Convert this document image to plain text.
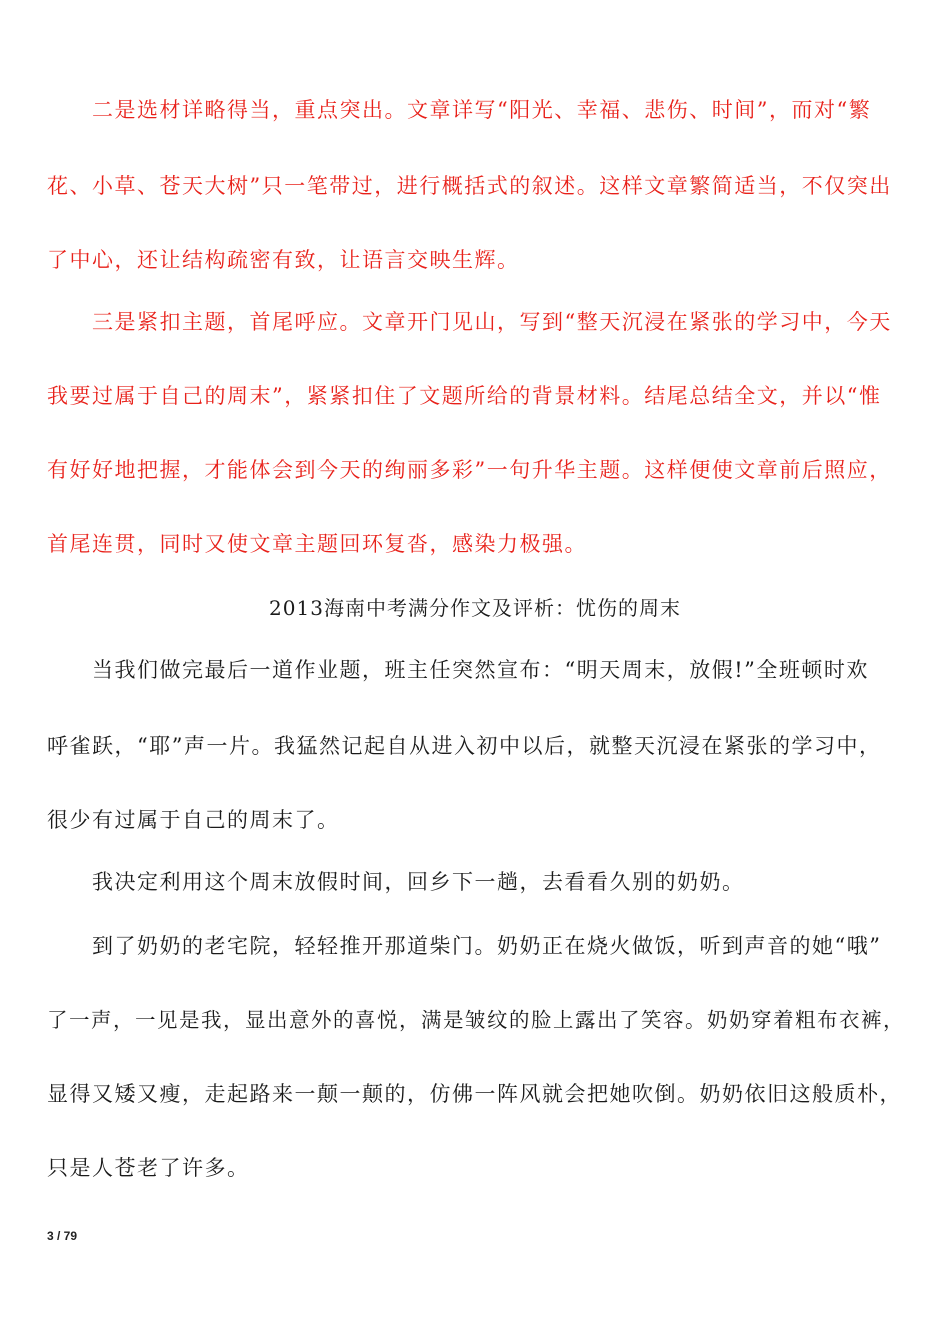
二是选材详略得当，重点突出。文章详写“阳光、幸福、悲伤、时间”，而对“繁
花、小草、苍天大树”只一笔带过，进行概括式的叙述。这样文章繁简适当，不仅突出
了中心，还让结构疏密有致，让语言交映生辉。
三是紧扣主题，首尾呼应。文章开门见山，写到“整天沉浸在紧张的学习中，今天
我要过属于自己的周末”，紧紧扣住了文题所给的背景材料。结尾总结全文，并以“惟
有好好地把握，才能体会到今天的绚丽多彩”一句升华主题。这样便使文章前后照应，
首尾连贯，同时又使文章主题回环复沓，感染力极强。
2013海南中考满分作文及评析：忧伤的周末
当我们做完最后一道作业题，班主任突然宣布：“明天周末，放假!”全班顿时欢
呼雀跃，“耶”声一片。我猛然记起自从进入初中以后，就整天沉浸在紧张的学习中，
很少有过属于自己的周末了。
我决定利用这个周末放假时间，回乡下一趟，去看看久别的奶奶。
到了奶奶的老宅院，轻轻推开那道柴门。奶奶正在烧火做饭，听到声音的她“哦”
了一声，一见是我，显出意外的喜悦，满是皱纹的脸上露出了笑容。奶奶穿着粗布衣裤，
显得又矮又瘦，走起路来一颠一颠的，仿佛一阵风就会把她吹倒。奶奶依旧这般质朴，
只是人苍老了许多。
3 / 79
